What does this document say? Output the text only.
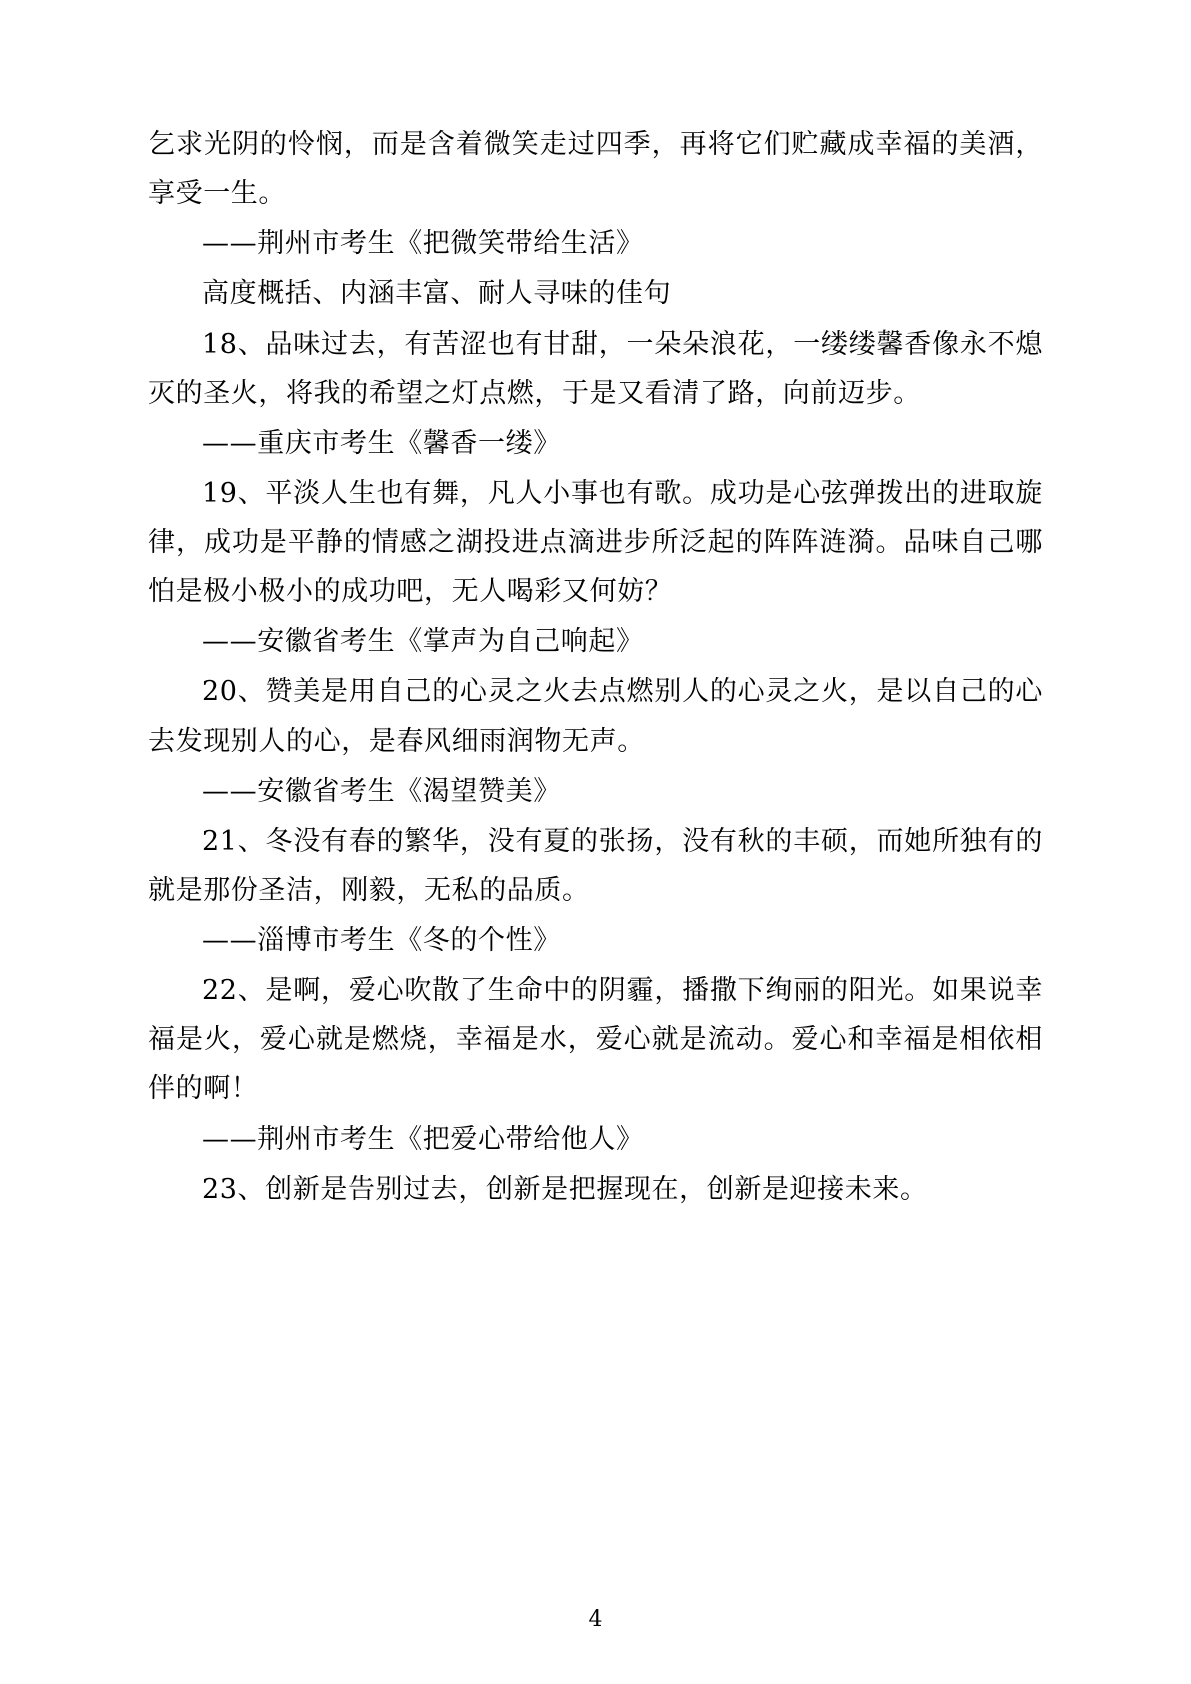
乞求光阴的怜悯，而是含着微笑走过四季，再将它们贮藏成幸福的美酒，享受一生。

——荆州市考生《把微笑带给生活》

高度概括、内涵丰富、耐人寻味的佳句

18、品味过去，有苦涩也有甘甜，一朵朵浪花，一缕缕馨香像永不熄灭的圣火，将我的希望之灯点燃，于是又看清了路，向前迈步。

——重庆市考生《馨香一缕》

19、平淡人生也有舞，凡人小事也有歌。成功是心弦弹拨出的进取旋律，成功是平静的情感之湖投进点滴进步所泛起的阵阵涟漪。品味自己哪怕是极小极小的成功吧，无人喝彩又何妨？

——安徽省考生《掌声为自己响起》

20、赞美是用自己的心灵之火去点燃别人的心灵之火，是以自己的心去发现别人的心，是春风细雨润物无声。

——安徽省考生《渴望赞美》

21、冬没有春的繁华，没有夏的张扬，没有秋的丰硕，而她所独有的就是那份圣洁，刚毅，无私的品质。

——淄博市考生《冬的个性》

22、是啊，爱心吹散了生命中的阴霾，播撒下绚丽的阳光。如果说幸福是火，爱心就是燃烧，幸福是水，爱心就是流动。爱心和幸福是相依相伴的啊！

——荆州市考生《把爱心带给他人》

23、创新是告别过去，创新是把握现在，创新是迎接未来。

4
